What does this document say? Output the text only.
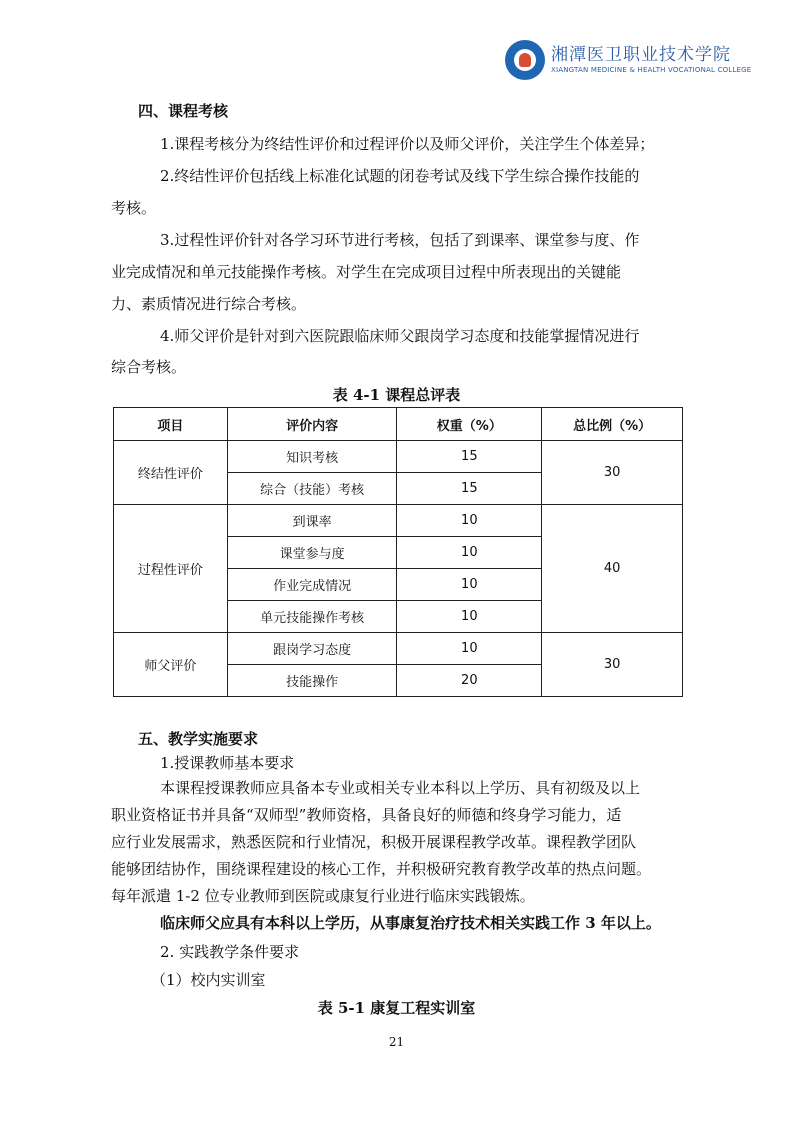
湘潭医卫职业技术学院
XIANGTAN MEDICINE & HEALTH VOCATIONAL COLLEGE
四、课程考核
1.课程考核分为终结性评价和过程评价以及师父评价，关注学生个体差异；
2.终结性评价包括线上标准化试题的闭卷考试及线下学生综合操作技能的
考核。
3.过程性评价针对各学习环节进行考核，包括了到课率、课堂参与度、作
业完成情况和单元技能操作考核。对学生在完成项目过程中所表现出的关键能
力、素质情况进行综合考核。
4.师父评价是针对到六医院跟临床师父跟岗学习态度和技能掌握情况进行
综合考核。
表 4-1 课程总评表
项目	评价内容	权重（%）	总比例（%）
终结性评价	知识考核	15	30
	综合（技能）考核	15	
过程性评价	到课率	10	40
	课堂参与度	10	
	作业完成情况	10	
	单元技能操作考核	10	
师父评价	跟岗学习态度	10	30
	技能操作	20	
五、教学实施要求
1.授课教师基本要求
本课程授课教师应具备本专业或相关专业本科以上学历、具有初级及以上
职业资格证书并具备“双师型”教师资格，具备良好的师德和终身学习能力，适
应行业发展需求，熟悉医院和行业情况，积极开展课程教学改革。课程教学团队
能够团结协作，围绕课程建设的核心工作，并积极研究教育教学改革的热点问题。
每年派遣 1-2 位专业教师到医院或康复行业进行临床实践锻炼。
临床师父应具有本科以上学历，从事康复治疗技术相关实践工作 3 年以上。
2. 实践教学条件要求
（1）校内实训室
表 5-1 康复工程实训室
21
